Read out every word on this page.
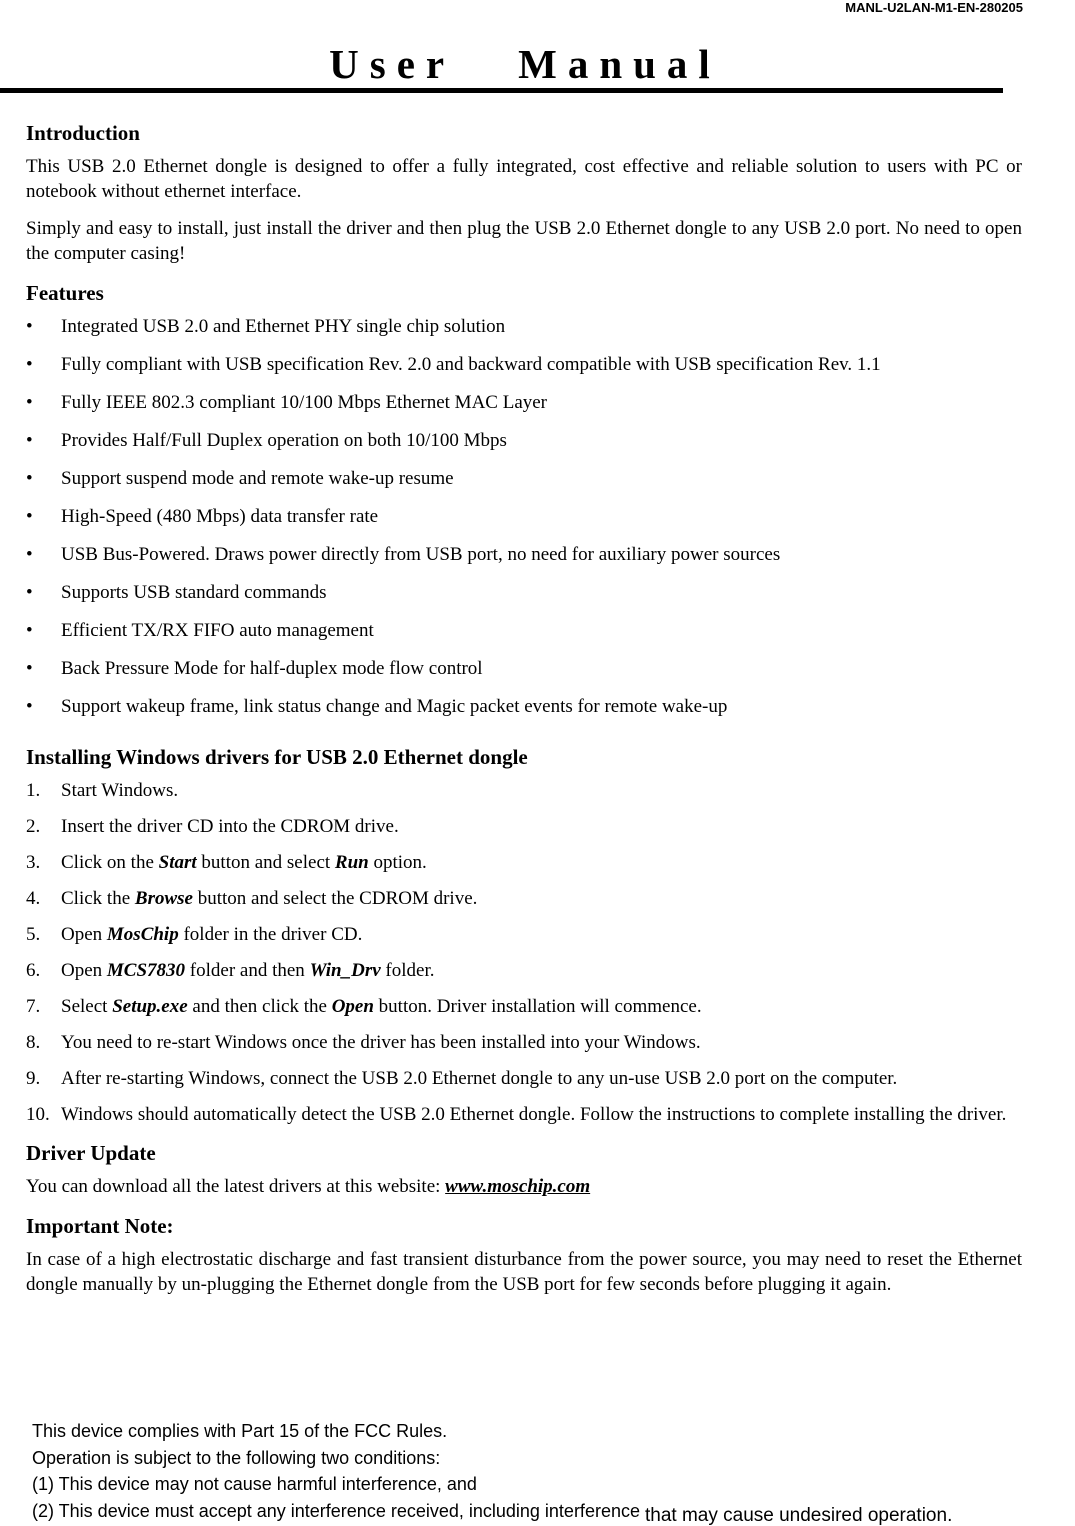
MANL-U2LAN-M1-EN-280205
User   Manual
Introduction

This USB 2.0 Ethernet dongle is designed to offer a fully integrated, cost effective and reliable solution to users with PC or notebook without ethernet interface.

Simply and easy to install, just install the driver and then plug the USB 2.0 Ethernet dongle to any USB 2.0 port. No need to open the computer casing!

Features
• Integrated USB 2.0 and Ethernet PHY single chip solution
• Fully compliant with USB specification Rev. 2.0 and backward compatible with USB specification Rev. 1.1
• Fully IEEE 802.3 compliant 10/100 Mbps Ethernet MAC Layer
• Provides Half/Full Duplex operation on both 10/100 Mbps
• Support suspend mode and remote wake-up resume
• High-Speed (480 Mbps) data transfer rate
• USB Bus-Powered. Draws power directly from USB port, no need for auxiliary power sources
• Supports USB standard commands
• Efficient TX/RX FIFO auto management
• Back Pressure Mode for half-duplex mode flow control
• Support wakeup frame, link status change and Magic packet events for remote wake-up
Installing Windows drivers for USB 2.0 Ethernet dongle
1. Start Windows.
2. Insert the driver CD into the CDROM drive.
3. Click on the Start button and select Run option.
4. Click the Browse button and select the CDROM drive.
5. Open MosChip folder in the driver CD.
6. Open MCS7830 folder and then Win_Drv folder.
7. Select Setup.exe and then click the Open button. Driver installation will commence.
8. You need to re-start Windows once the driver has been installed into your Windows.
9. After re-starting Windows, connect the USB 2.0 Ethernet dongle to any un-use USB 2.0 port on the computer.
10. Windows should automatically detect the USB 2.0 Ethernet dongle. Follow the instructions to complete installing the driver.
Driver Update

You can download all the latest drivers at this website: www.moschip.com

Important Note:

In case of a high electrostatic discharge and fast transient disturbance from the power source, you may need to reset the Ethernet dongle manually by un-plugging the Ethernet dongle from the USB port for few seconds before plugging it again.

This device complies with Part 15 of the FCC Rules.
Operation is subject to the following two conditions:
(1) This device may not cause harmful interference, and
(2) This device must accept any interference received, including interference that may cause undesired operation.
